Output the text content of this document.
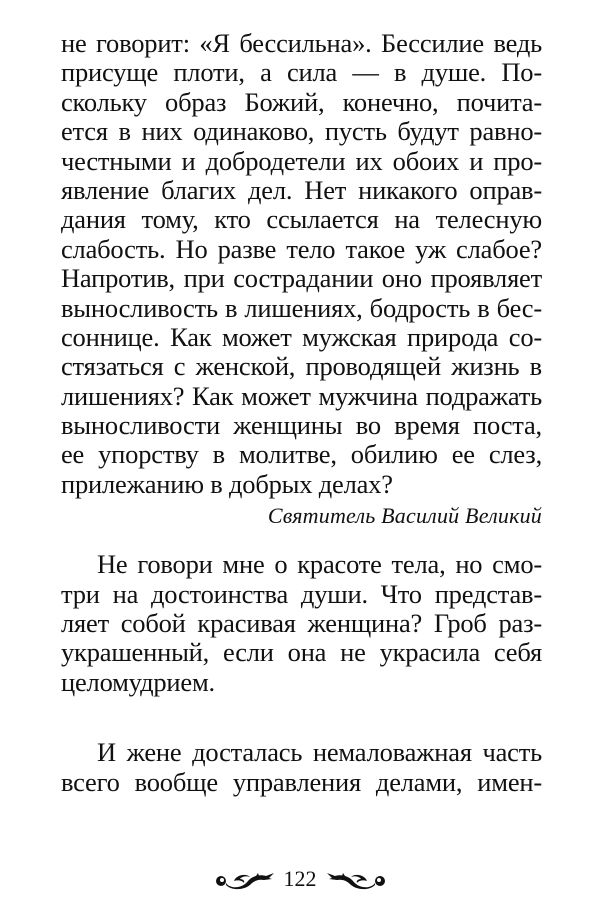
не говорит: «Я бессильна». Бессилие ведь
присуще плоти, а сила — в душе. По-
скольку образ Божий, конечно, почита-
ется в них одинаково, пусть будут равно-
честными и добродетели их обоих и про-
явление благих дел. Нет никакого оправ-
дания тому, кто ссылается на телесную
слабость. Но разве тело такое уж слабое?
Напротив, при сострадании оно проявляет
выносливость в лишениях, бодрость в бес-
соннице. Как может мужская природа со-
стязаться с женской, проводящей жизнь в
лишениях? Как может мужчина подражать
выносливости женщины во время поста,
ее упорству в молитве, обилию ее слез,
прилежанию в добрых делах?
Святитель Василий Великий
Не говори мне о красоте тела, но смо-
три на достоинства души. Что представ-
ляет собой красивая женщина? Гроб раз-
украшенный, если она не украсила себя
целомудрием.
И жене досталась немаловажная часть
всего вообще управления делами, имен-
122
